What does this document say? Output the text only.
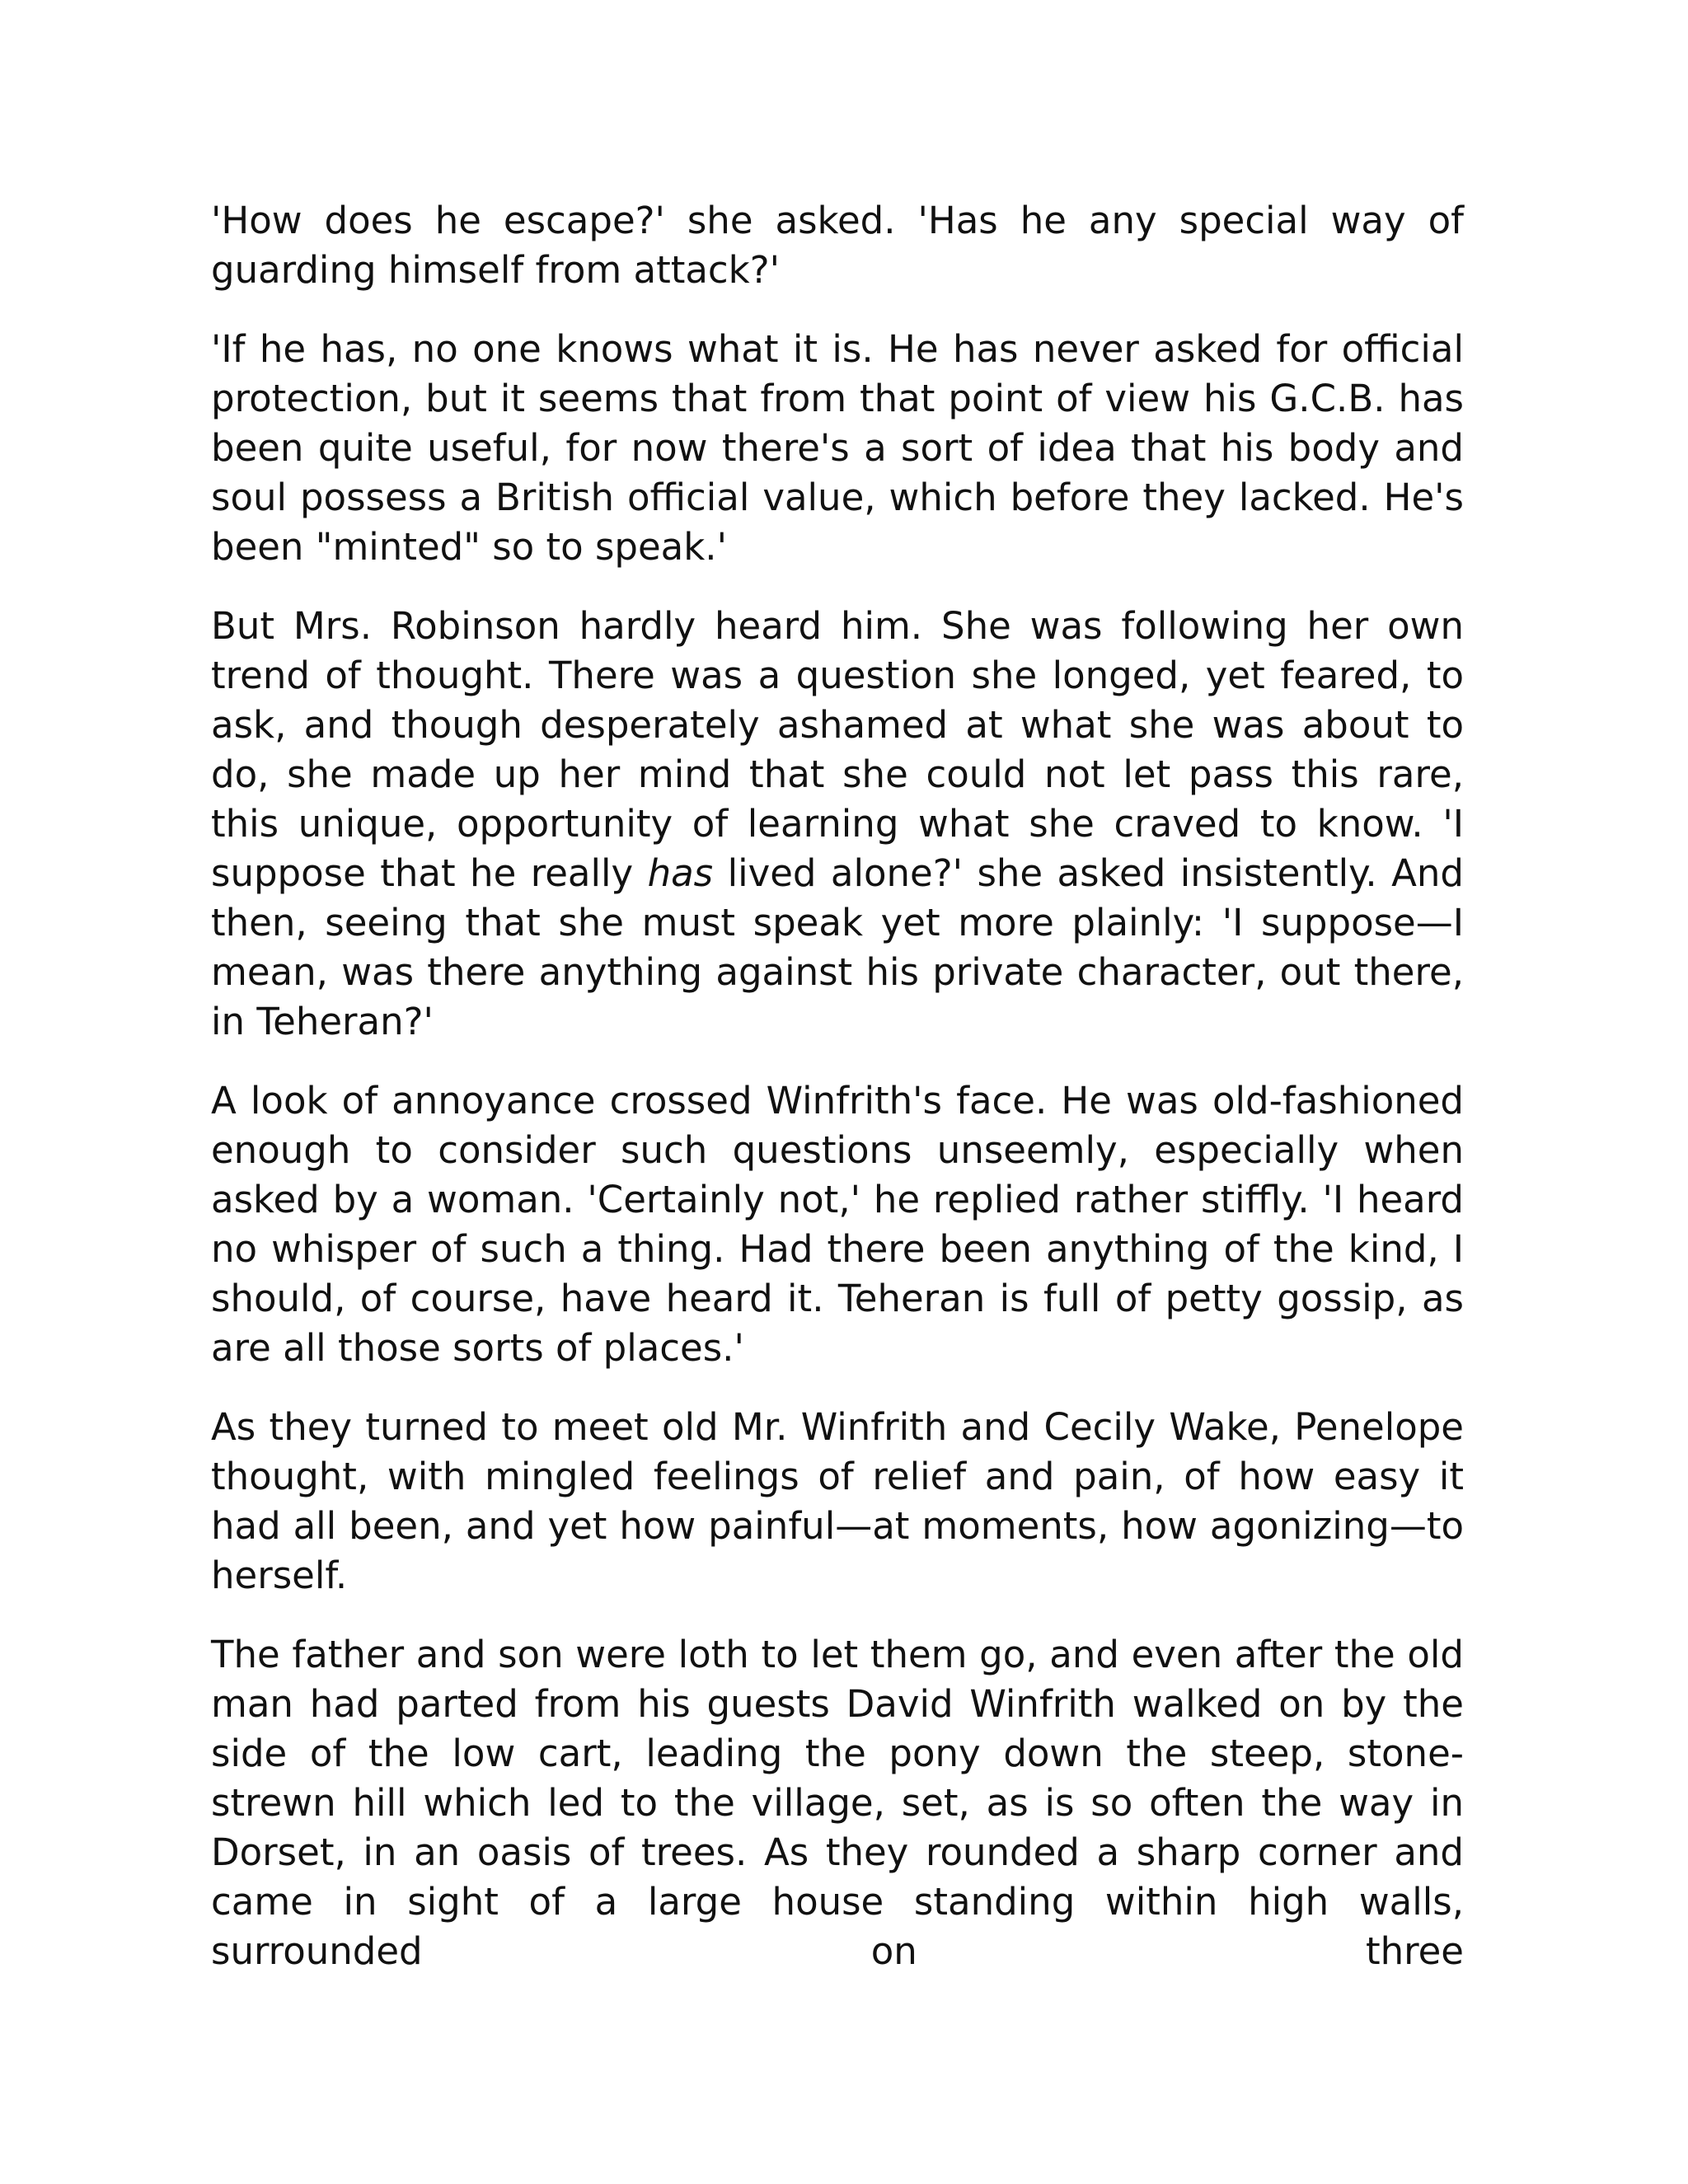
'How does he escape?' she asked. 'Has he any special way of guarding himself from attack?'

'If he has, no one knows what it is. He has never asked for official protection, but it seems that from that point of view his G.C.B. has been quite useful, for now there's a sort of idea that his body and soul possess a British official value, which before they lacked. He's been "minted" so to speak.'

But Mrs. Robinson hardly heard him. She was following her own trend of thought. There was a question she longed, yet feared, to ask, and though desperately ashamed at what she was about to do, she made up her mind that she could not let pass this rare, this unique, opportunity of learning what she craved to know. 'I suppose that he really has lived alone?' she asked insistently. And then, seeing that she must speak yet more plainly: 'I suppose—I mean, was there anything against his private character, out there, in Teheran?'

A look of annoyance crossed Winfrith's face. He was old-fashioned enough to consider such questions unseemly, especially when asked by a woman. 'Certainly not,' he replied rather stiffly. 'I heard no whisper of such a thing. Had there been anything of the kind, I should, of course, have heard it. Teheran is full of petty gossip, as are all those sorts of places.'

As they turned to meet old Mr. Winfrith and Cecily Wake, Penelope thought, with mingled feelings of relief and pain, of how easy it had all been, and yet how painful—at moments, how agonizing—to herself.

The father and son were loth to let them go, and even after the old man had parted from his guests David Winfrith walked on by the side of the low cart, leading the pony down the steep, stone-strewn hill which led to the village, set, as is so often the way in Dorset, in an oasis of trees. As they rounded a sharp corner and came in sight of a large house standing within high walls, surrounded on three
